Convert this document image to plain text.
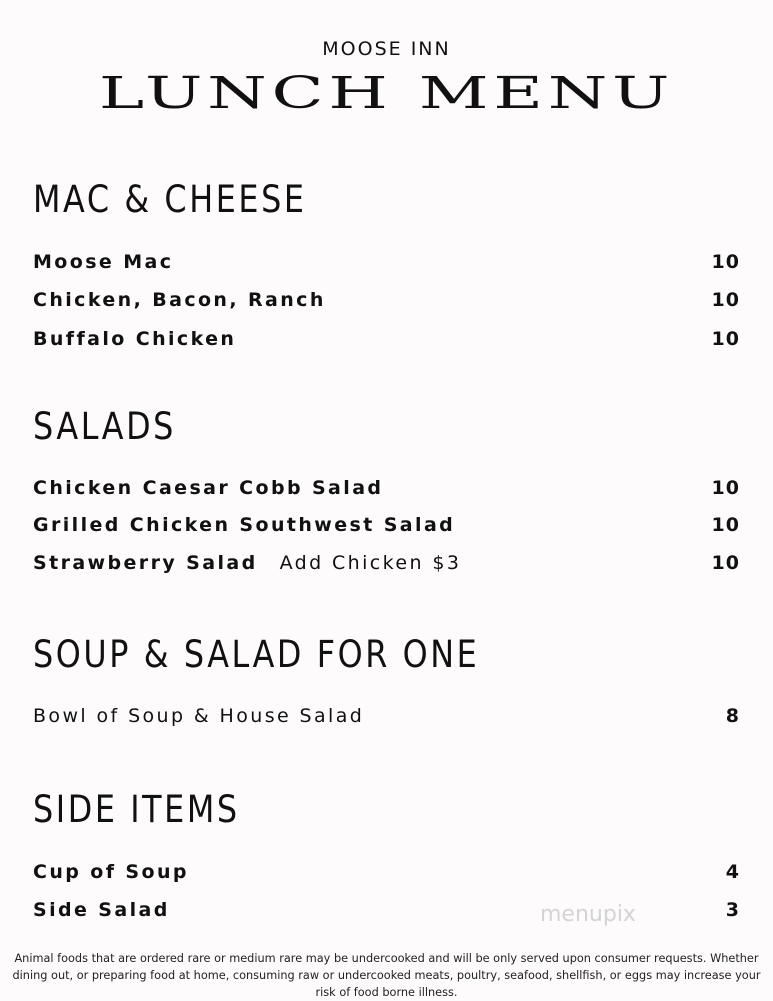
MOOSE INN
LUNCH MENU
MAC & CHEESE
Moose Mac	10
Chicken, Bacon, Ranch	10
Buffalo Chicken	10
SALADS
Chicken Caesar Cobb Salad	10
Grilled Chicken Southwest Salad	10
Strawberry Salad Add Chicken $3	10
SOUP & SALAD FOR ONE
Bowl of Soup & House Salad	8
SIDE ITEMS
Cup of Soup	4
Side Salad	3
menupix
Animal foods that are ordered rare or medium rare may be undercooked and will be only served upon consumer requests. Whether dining out, or preparing food at home, consuming raw or undercooked meats, poultry, seafood, shellfish, or eggs may increase your risk of food borne illness.
